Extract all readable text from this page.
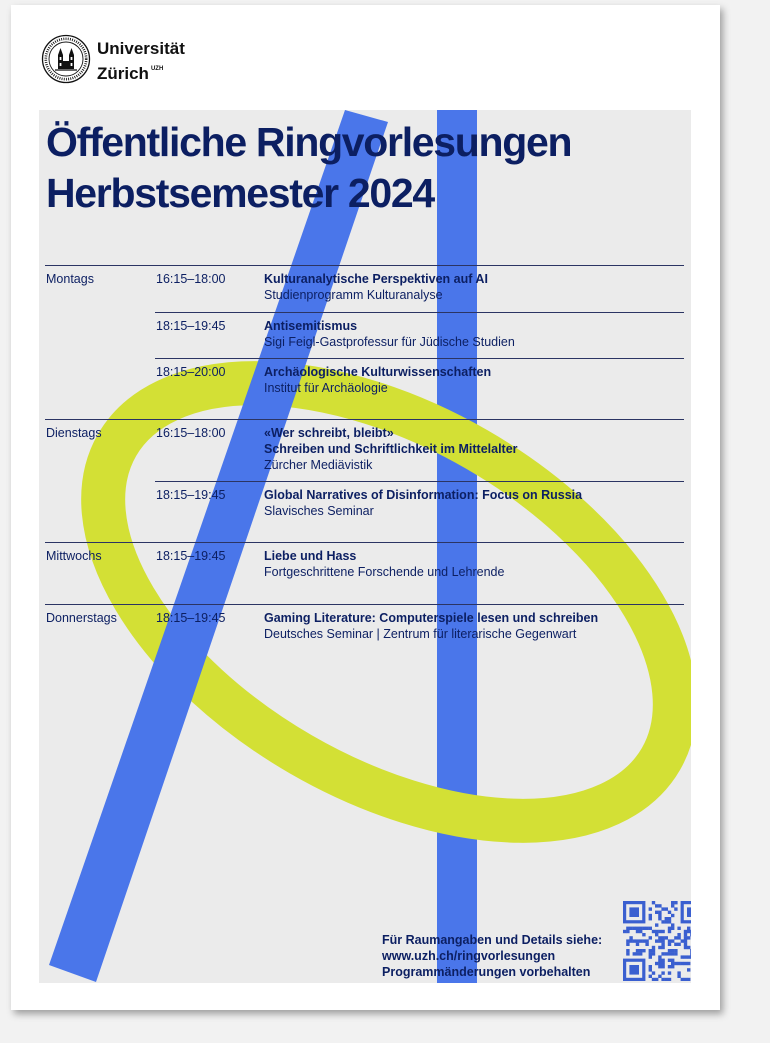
Universität
Zürich $^{UZH}$
Öffentliche Ringvorlesungen
Herbstsemester 2024
Montags	16:15–18:00	Kulturanalytische Perspektiven auf AI
Studienprogramm Kulturanalyse
18:15–19:45	Antisemitismus
Sigi Feigl-Gastprofessur für Jüdische Studien
18:15–20:00	Archäologische Kulturwissenschaften
Institut für Archäologie
Dienstags	16:15–18:00	«Wer schreibt, bleibt»
Schreiben und Schriftlichkeit im Mittelalter
Zürcher Mediävistik
18:15–19:45	Global Narratives of Disinformation: Focus on Russia
Slavisches Seminar
Mittwochs	18:15–19:45	Liebe und Hass
Fortgeschrittene Forschende und Lehrende
Donnerstags	18:15–19:45	Gaming Literature: Computerspiele lesen und schreiben
Deutsches Seminar | Zentrum für literarische Gegenwart
Für Raumangaben und Details siehe:
www.uzh.ch/ringvorlesungen
Programmänderungen vorbehalten
